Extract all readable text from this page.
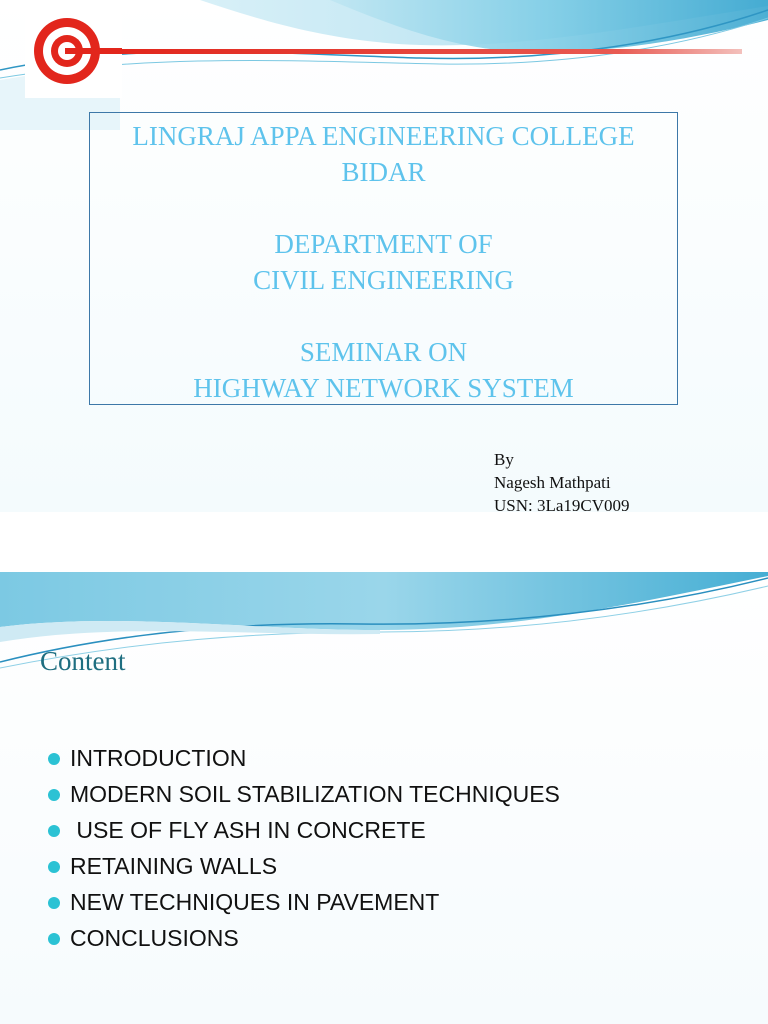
LINGRAJ APPA ENGINEERING COLLEGE

BIDAR

DEPARTMENT OF

CIVIL ENGINEERING

SEMINAR ON

HIGHWAY NETWORK SYSTEM

By
Nagesh Mathpati
USN: 3La19CV009
Content
INTRODUCTION
MODERN SOIL STABILIZATION TECHNIQUES
USE OF FLY ASH IN CONCRETE
RETAINING WALLS
NEW TECHNIQUES IN PAVEMENT
CONCLUSIONS
